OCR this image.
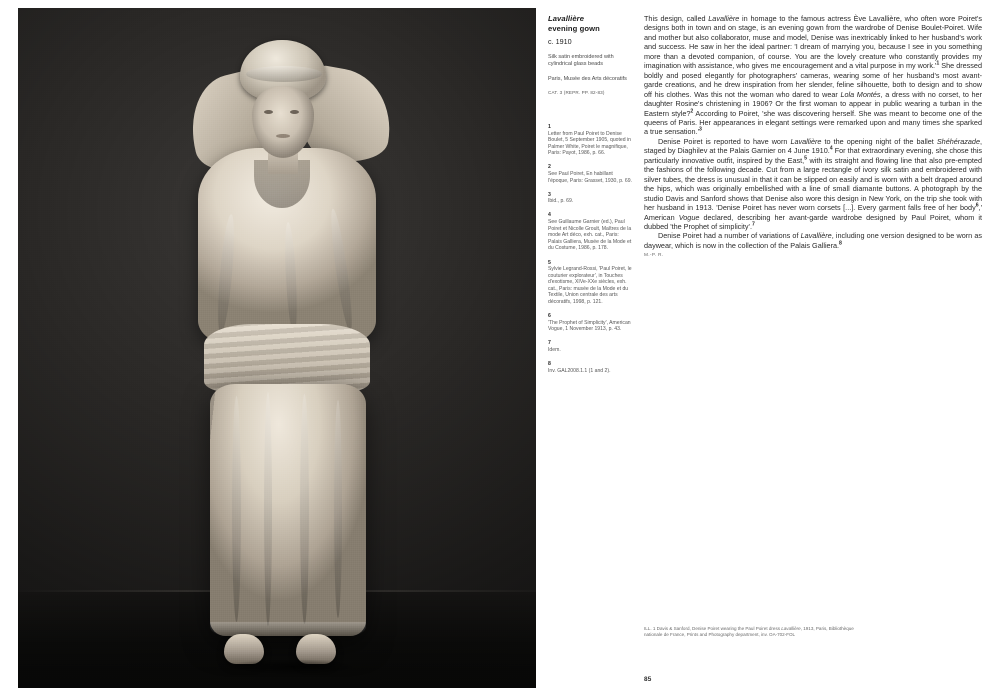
Lavallière
evening gown
c. 1910
Silk satin embroidered with cylindrical glass beads
Paris, Musée des Arts décoratifs
CAT. 3 (REPR. PP. 82-83)
1
Letter from Paul Poiret to Denise Boulet, 5 September 1905, quoted in Palmer White, Poiret le magnifique, Paris: Payot, 1986, p. 66.
2
See Paul Poiret, En habillant l'époque, Paris: Grasset, 1930, p. 69.
3
Ibid., p. 69.
4
See Guillaume Garnier (ed.), Paul Poiret et Nicolle Groult, Maîtres de la mode Art déco, exh. cat., Paris: Palais Galliera, Musée de la Mode et du Costume, 1986, p. 178.
5
Sylvie Legrand-Rossi, 'Paul Poiret, le couturier explorateur', in Touches d'exotisme, XIVe-XXe siècles, exh. cat., Paris: musée de la Mode et du Textile, Union centrale des arts décoratifs, 1998, p. 121.
6
'The Prophet of Simplicity', American Vogue, 1 November 1913, p. 43.
7
Idem.
8
Inv. GAL2008.1.1 (1 and 2).

This design, called Lavallière in homage to the famous actress Ève Lavallière, who often wore Poiret's designs both in town and on stage, is an evening gown from the wardrobe of Denise Boulet-Poiret. Wife and mother but also collaborator, muse and model, Denise was inextricably linked to her husband's work and success. He saw in her the ideal partner: 'I dream of marrying you, because I see in you something more than a devoted companion, of course. You are the lovely creature who constantly provides my imagination with assistance, who gives me encouragement and a vital purpose in my $work.'^1$ She dressed boldly and posed elegantly for photographers' cameras, wearing some of her husband's most avant-garde creations, and he drew inspiration from her slender, feline silhouette, both to design and to show off his clothes. Was this not the woman who dared to wear Lola Montés, a dress with no corset, to her daughter Rosine's christening in 1906? Or the first woman to appear in public wearing a turban in the Eastern style?$^2$ According to Poiret, 'she was discovering herself. She was meant to become one of the queens of Paris. Her appearances in elegant settings were remarked upon and many times she sparked a true $sensation.'^3$

Denise Poiret is reported to have worn Lavallière to the opening night of the ballet Shéhérazade, staged by Diaghilev at the Palais Garnier on 4 June 1910.$^4$ For that extraordinary evening, she chose this particularly innovative outfit, inspired by the East,$^5$ with its straight and flowing line that also pre-empted the fashions of the following decade. Cut from a large rectangle of ivory silk satin and embroidered with silver tubes, the dress is unusual in that it can be slipped on easily and is worn with a belt draped around the hips, which was originally embellished with a line of small diamante buttons. A photograph by the studio Davis and Sanford shows that Denise also wore this design in New York, on the trip she took with her husband in 1913. 'Denise Poiret has never worn corsets [...]. Every garment falls free of her body$^6$,' American Vogue declared, describing her avant-garde wardrobe designed by Paul Poiret, whom it dubbed 'the Prophet of simplicity'.$^7$

Denise Poiret had a number of variations of Lavallière, including one version designed to be worn as daywear, which is now in the collection of the Palais Galliera.$^8$

M.-P. R.
ILL. 1 Davis & Sanford, Denise Poiret wearing the Paul Poiret dress Lavallière, 1913, Paris, Bibliothèque nationale de France, Prints and Photography department, inv. OA-702-FOL
85
